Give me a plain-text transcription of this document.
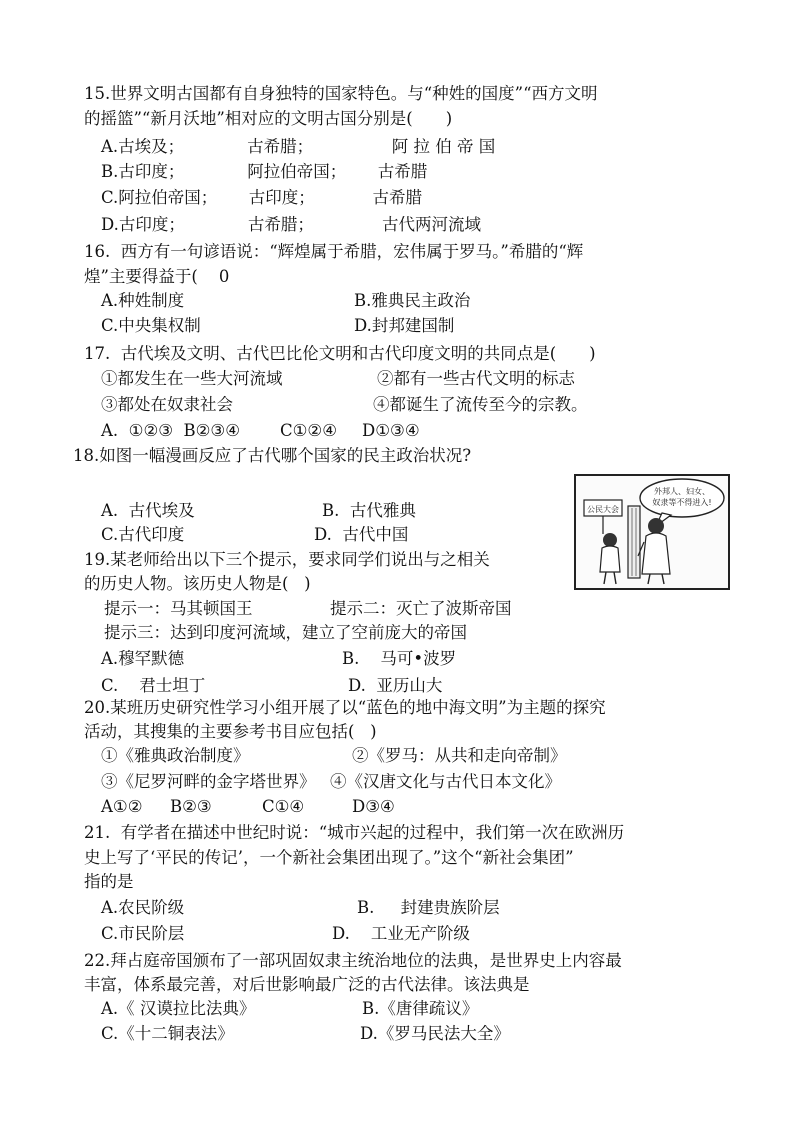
15.世界文明古国都有自身独特的国家特色。与“种姓的国度”“西方文明
的摇篮”“新月沃地”相对应的文明古国分别是(　　)
A.古埃及；            古希腊；               阿 拉 伯 帝 国
B.古印度；            阿拉伯帝国；      古希腊
C.阿拉伯帝国；      古印度；           古希腊
D.古印度；            古希腊；             古代两河流域
16.  西方有一句谚语说：“辉煌属于希腊，宏伟属于罗马。”希腊的“辉
煌”主要得益于(    0
A.种姓制度	B.雅典民主政治
C.中央集权制	D.封邦建国制
17.  古代埃及文明、古代巴比伦文明和古代印度文明的共同点是(　　)
①都发生在一些大河流域	②都有一些古代文明的标志
③都处在奴隶社会	④都诞生了流传至今的宗教。
A.  ①②③  B②③④ C①②④ D①③④
18.如图一幅漫画反应了古代哪个国家的民主政治状况?
A.  古代埃及	B.  古代雅典
C.古代印度	D.  古代中国
外邦人、妇女、
奴隶等不得进入!
公民大会
19.某老师给出以下三个提示，要求同学们说出与之相关
的历史人物。该历史人物是(   )
提示一：马其顿国王	提示二：灭亡了波斯帝国
提示三：达到印度河流域，建立了空前庞大的帝国
A.穆罕默德	B.    马可•波罗
C.    君士坦丁	D.  亚历山大
20.某班历史研究性学习小组开展了以“蓝色的地中海文明”为主题的探究
活动，其搜集的主要参考书目应包括(   )
①《雅典政治制度》	②《罗马：从共和走向帝制》
③《尼罗河畔的金字塔世界》 ④《汉唐文化与古代日本文化》
A①② B②③	C①④	D③④
21.  有学者在描述中世纪时说：“城市兴起的过程中，我们第一次在欧洲历
史上写了‘平民的传记’，一个新社会集团出现了。”这个“新社会集团”
指的是
A.农民阶级	B.     封建贵族阶层
C.市民阶层	D.    工业无产阶级
22.拜占庭帝国颁布了一部巩固奴隶主统治地位的法典，是世界史上内容最
丰富，体系最完善，对后世影响最广泛的古代法律。该法典是
A.《 汉谟拉比法典》	B.《唐律疏议》
C.《十二铜表法》	D.《罗马民法大全》
